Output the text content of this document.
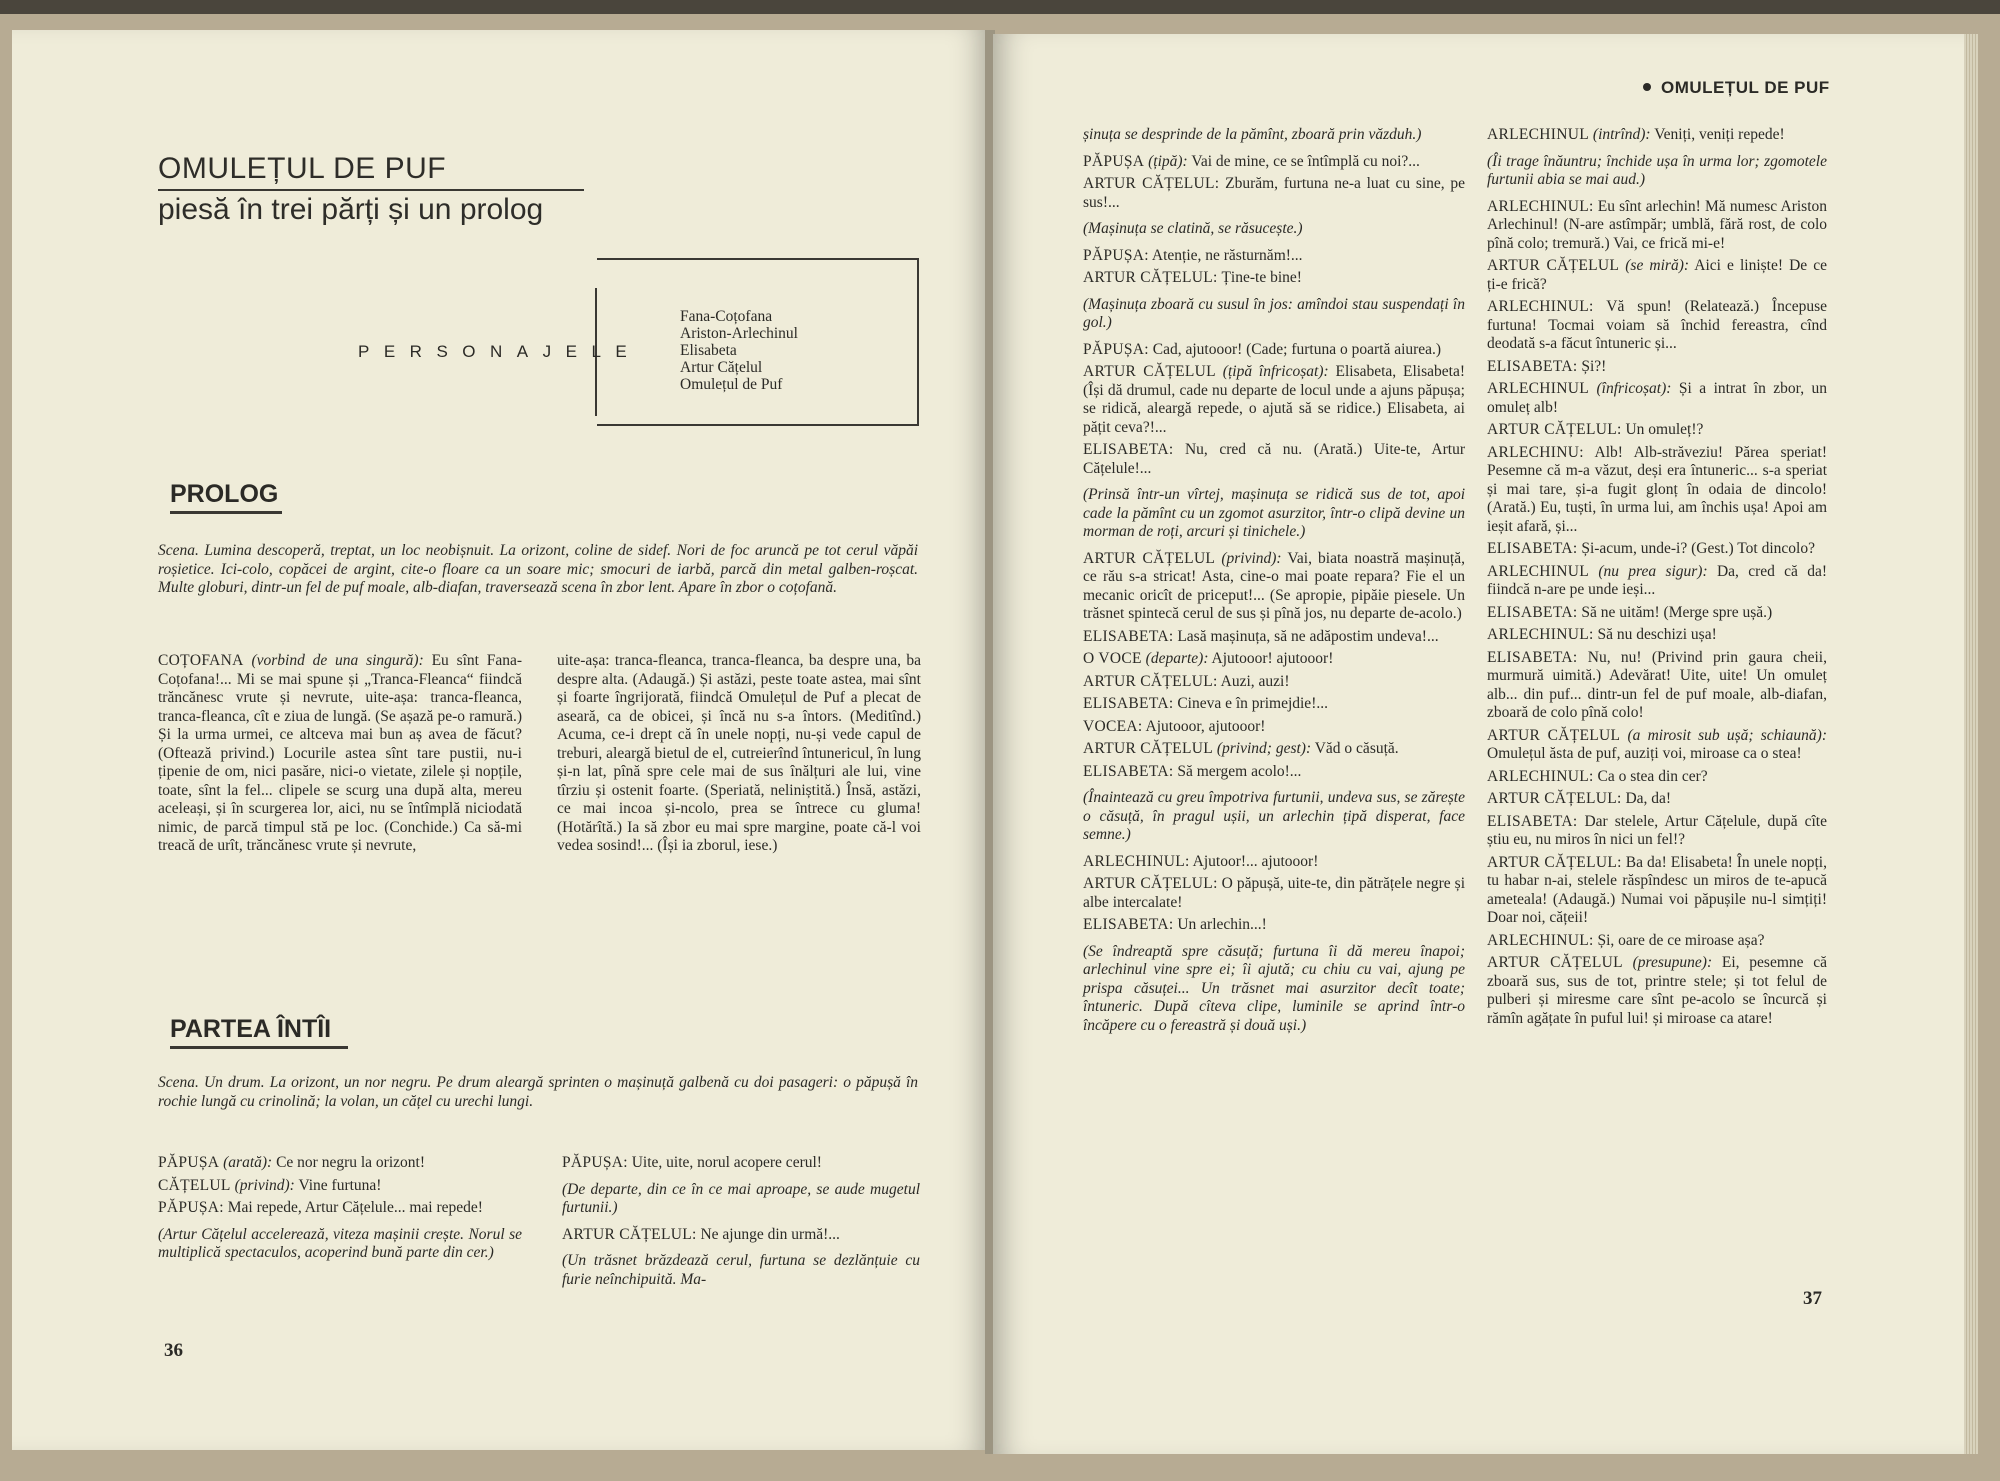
OMULEȚUL DE PUF
piesă în trei părți și un prolog
PERSONAJELE
Fana-Coțofana
Ariston-Arlechinul
Elisabeta
Artur Cățelul
Omulețul de Puf
PROLOG
Scena. Lumina descoperă, treptat, un loc neobișnuit. La orizont, coline de sidef. Nori de foc aruncă pe tot cerul văpăi roșietice. Ici-colo, copăcei de argint, cite-o floare ca un soare mic; smocuri de iarbă, parcă din metal galben-roșcat. Multe globuri, dintr-un fel de puf moale, alb-diafan, traversează scena în zbor lent. Apare în zbor o coțofană.

COȚOFANA (vorbind de una singură): Eu sînt Fana-Coțofana!... Mi se mai spune și „Tranca-Fleanca“ fiindcă trăncănesc vrute și nevrute, uite-așa: tranca-fleanca, tranca-fleanca, cît e ziua de lungă. (Se așază pe-o ramură.) Și la urma urmei, ce altceva mai bun aș avea de făcut? (Oftează privind.) Locurile astea sînt tare pustii, nu-i țipenie de om, nici pasăre, nici-o vietate, zilele și nopțile, toate, sînt la fel... clipele se scurg una după alta, mereu aceleași, și în scurgerea lor, aici, nu se întîmplă niciodată nimic, de parcă timpul stă pe loc. (Conchide.) Ca să-mi treacă de urît, trăncănesc vrute și nevrute,

uite-așa: tranca-fleanca, tranca-fleanca, ba despre una, ba despre alta. (Adaugă.) Și astăzi, peste toate astea, mai sînt și foarte îngrijorată, fiindcă Omulețul de Puf a plecat de aseară, ca de obicei, și încă nu s-a întors. (Meditînd.) Acuma, ce-i drept că în unele nopți, nu-și vede capul de treburi, aleargă bietul de el, cutreierînd întunericul, în lung și-n lat, pînă spre cele mai de sus înălțuri ale lui, vine tîrziu și ostenit foarte. (Speriată, neliniștită.) Însă, astăzi, ce mai incoa și-ncolo, prea se întrece cu gluma! (Hotărîtă.) Ia să zbor eu mai spre margine, poate că-l voi vedea sosind!... (Își ia zborul, iese.)

PARTEA ÎNTÎI
Scena. Un drum. La orizont, un nor negru. Pe drum aleargă sprinten o mașinuță galbenă cu doi pasageri: o păpușă în rochie lungă cu crinolină; la volan, un cățel cu urechi lungi.

PĂPUȘA (arată): Ce nor negru la orizont!

CĂȚELUL (privind): Vine furtuna!

PĂPUȘA: Mai repede, Artur Cățelule... mai repede!

(Artur Cățelul accelerează, viteza mașinii crește. Norul se multiplică spectaculos, acoperind bună parte din cer.)

PĂPUȘA: Uite, uite, norul acopere cerul!

(De departe, din ce în ce mai aproape, se aude mugetul furtunii.)

ARTUR CĂȚELUL: Ne ajunge din urmă!...

(Un trăsnet brăzdează cerul, furtuna se dezlănțuie cu furie neînchipuită. Ma-

36
OMULEȚUL DE PUF

șinuța se desprinde de la pămînt, zboară prin văzduh.)

PĂPUȘA (țipă): Vai de mine, ce se întîmplă cu noi?...

ARTUR CĂȚELUL: Zburăm, furtuna ne-a luat cu sine, pe sus!...

(Mașinuța se clatină, se răsucește.)

PĂPUȘA: Atenție, ne răsturnăm!...

ARTUR CĂȚELUL: Ține-te bine!

(Mașinuța zboară cu susul în jos: amîndoi stau suspendați în gol.)

PĂPUȘA: Cad, ajutooor! (Cade; furtuna o poartă aiurea.)

ARTUR CĂȚELUL (țipă înfricoșat): Elisabeta, Elisabeta! (Își dă drumul, cade nu departe de locul unde a ajuns păpușa; se ridică, aleargă repede, o ajută să se ridice.) Elisabeta, ai pățit ceva?!...

ELISABETA: Nu, cred că nu. (Arată.) Uite-te, Artur Cățelule!...

(Prinsă într-un vîrtej, mașinuța se ridică sus de tot, apoi cade la pămînt cu un zgomot asurzitor, într-o clipă devine un morman de roți, arcuri și tinichele.)

ARTUR CĂȚELUL (privind): Vai, biata noastră mașinuță, ce rău s-a stricat! Asta, cine-o mai poate repara? Fie el un mecanic oricît de priceput!... (Se apropie, pipăie piesele. Un trăsnet spintecă cerul de sus și pînă jos, nu departe de-acolo.)

ELISABETA: Lasă mașinuța, să ne adăpostim undeva!...

O VOCE (departe): Ajutooor! ajutooor!

ARTUR CĂȚELUL: Auzi, auzi!

ELISABETA: Cineva e în primejdie!...

VOCEA: Ajutooor, ajutooor!

ARTUR CĂȚELUL (privind; gest): Văd o căsuță.

ELISABETA: Să mergem acolo!...

(Înaintează cu greu împotriva furtunii, undeva sus, se zărește o căsuță, în pragul ușii, un arlechin țipă disperat, face semne.)

ARLECHINUL: Ajutoor!... ajutooor!

ARTUR CĂȚELUL: O păpușă, uite-te, din pătrățele negre și albe intercalate!

ELISABETA: Un arlechin...!

(Se îndreaptă spre căsuță; furtuna îi dă mereu înapoi; arlechinul vine spre ei; îi ajută; cu chiu cu vai, ajung pe prispa căsuței... Un trăsnet mai asurzitor decît toate; întuneric. După cîteva clipe, luminile se aprind într-o încăpere cu o fereastră și două uși.)

ARLECHINUL (intrînd): Veniți, veniți repede!

(Îi trage înăuntru; închide ușa în urma lor; zgomotele furtunii abia se mai aud.)

ARLECHINUL: Eu sînt arlechin! Mă numesc Ariston Arlechinul! (N-are astîmpăr; umblă, fără rost, de colo pînă colo; tremură.) Vai, ce frică mi-e!

ARTUR CĂȚELUL (se miră): Aici e liniște! De ce ți-e frică?

ARLECHINUL: Vă spun! (Relatează.) Începuse furtuna! Tocmai voiam să închid fereastra, cînd deodată s-a făcut întuneric și...

ELISABETA: Și?!

ARLECHINUL (înfricoșat): Și a intrat în zbor, un omuleț alb!

ARTUR CĂȚELUL: Un omuleț!?

ARLECHINU: Alb! Alb-străveziu! Părea speriat! Pesemne că m-a văzut, deși era întuneric... s-a speriat și mai tare, și-a fugit glonț în odaia de dincolo! (Arată.) Eu, tuști, în urma lui, am închis ușa! Apoi am ieșit afară, și...

ELISABETA: Și-acum, unde-i? (Gest.) Tot dincolo?

ARLECHINUL (nu prea sigur): Da, cred că da! fiindcă n-are pe unde ieși...

ELISABETA: Să ne uităm! (Merge spre ușă.)

ARLECHINUL: Să nu deschizi ușa!

ELISABETA: Nu, nu! (Privind prin gaura cheii, murmură uimită.) Adevărat! Uite, uite! Un omuleț alb... din puf... dintr-un fel de puf moale, alb-diafan, zboară de colo pînă colo!

ARTUR CĂȚELUL (a mirosit sub ușă; schiaună): Omulețul ăsta de puf, auziți voi, miroase ca o stea!

ARLECHINUL: Ca o stea din cer?

ARTUR CĂȚELUL: Da, da!

ELISABETA: Dar stelele, Artur Cățelule, după cîte știu eu, nu miros în nici un fel!?

ARTUR CĂȚELUL: Ba da! Elisabeta! În unele nopți, tu habar n-ai, stelele răspîndesc un miros de te-apucă ameteala! (Adaugă.) Numai voi păpușile nu-l simțiți! Doar noi, cățeii!

ARLECHINUL: Și, oare de ce miroase așa?

ARTUR CĂȚELUL (presupune): Ei, pesemne că zboară sus, sus de tot, printre stele; și tot felul de pulberi și miresme care sînt pe-acolo se încurcă și rămîn agățate în puful lui! și miroase ca atare!

37
